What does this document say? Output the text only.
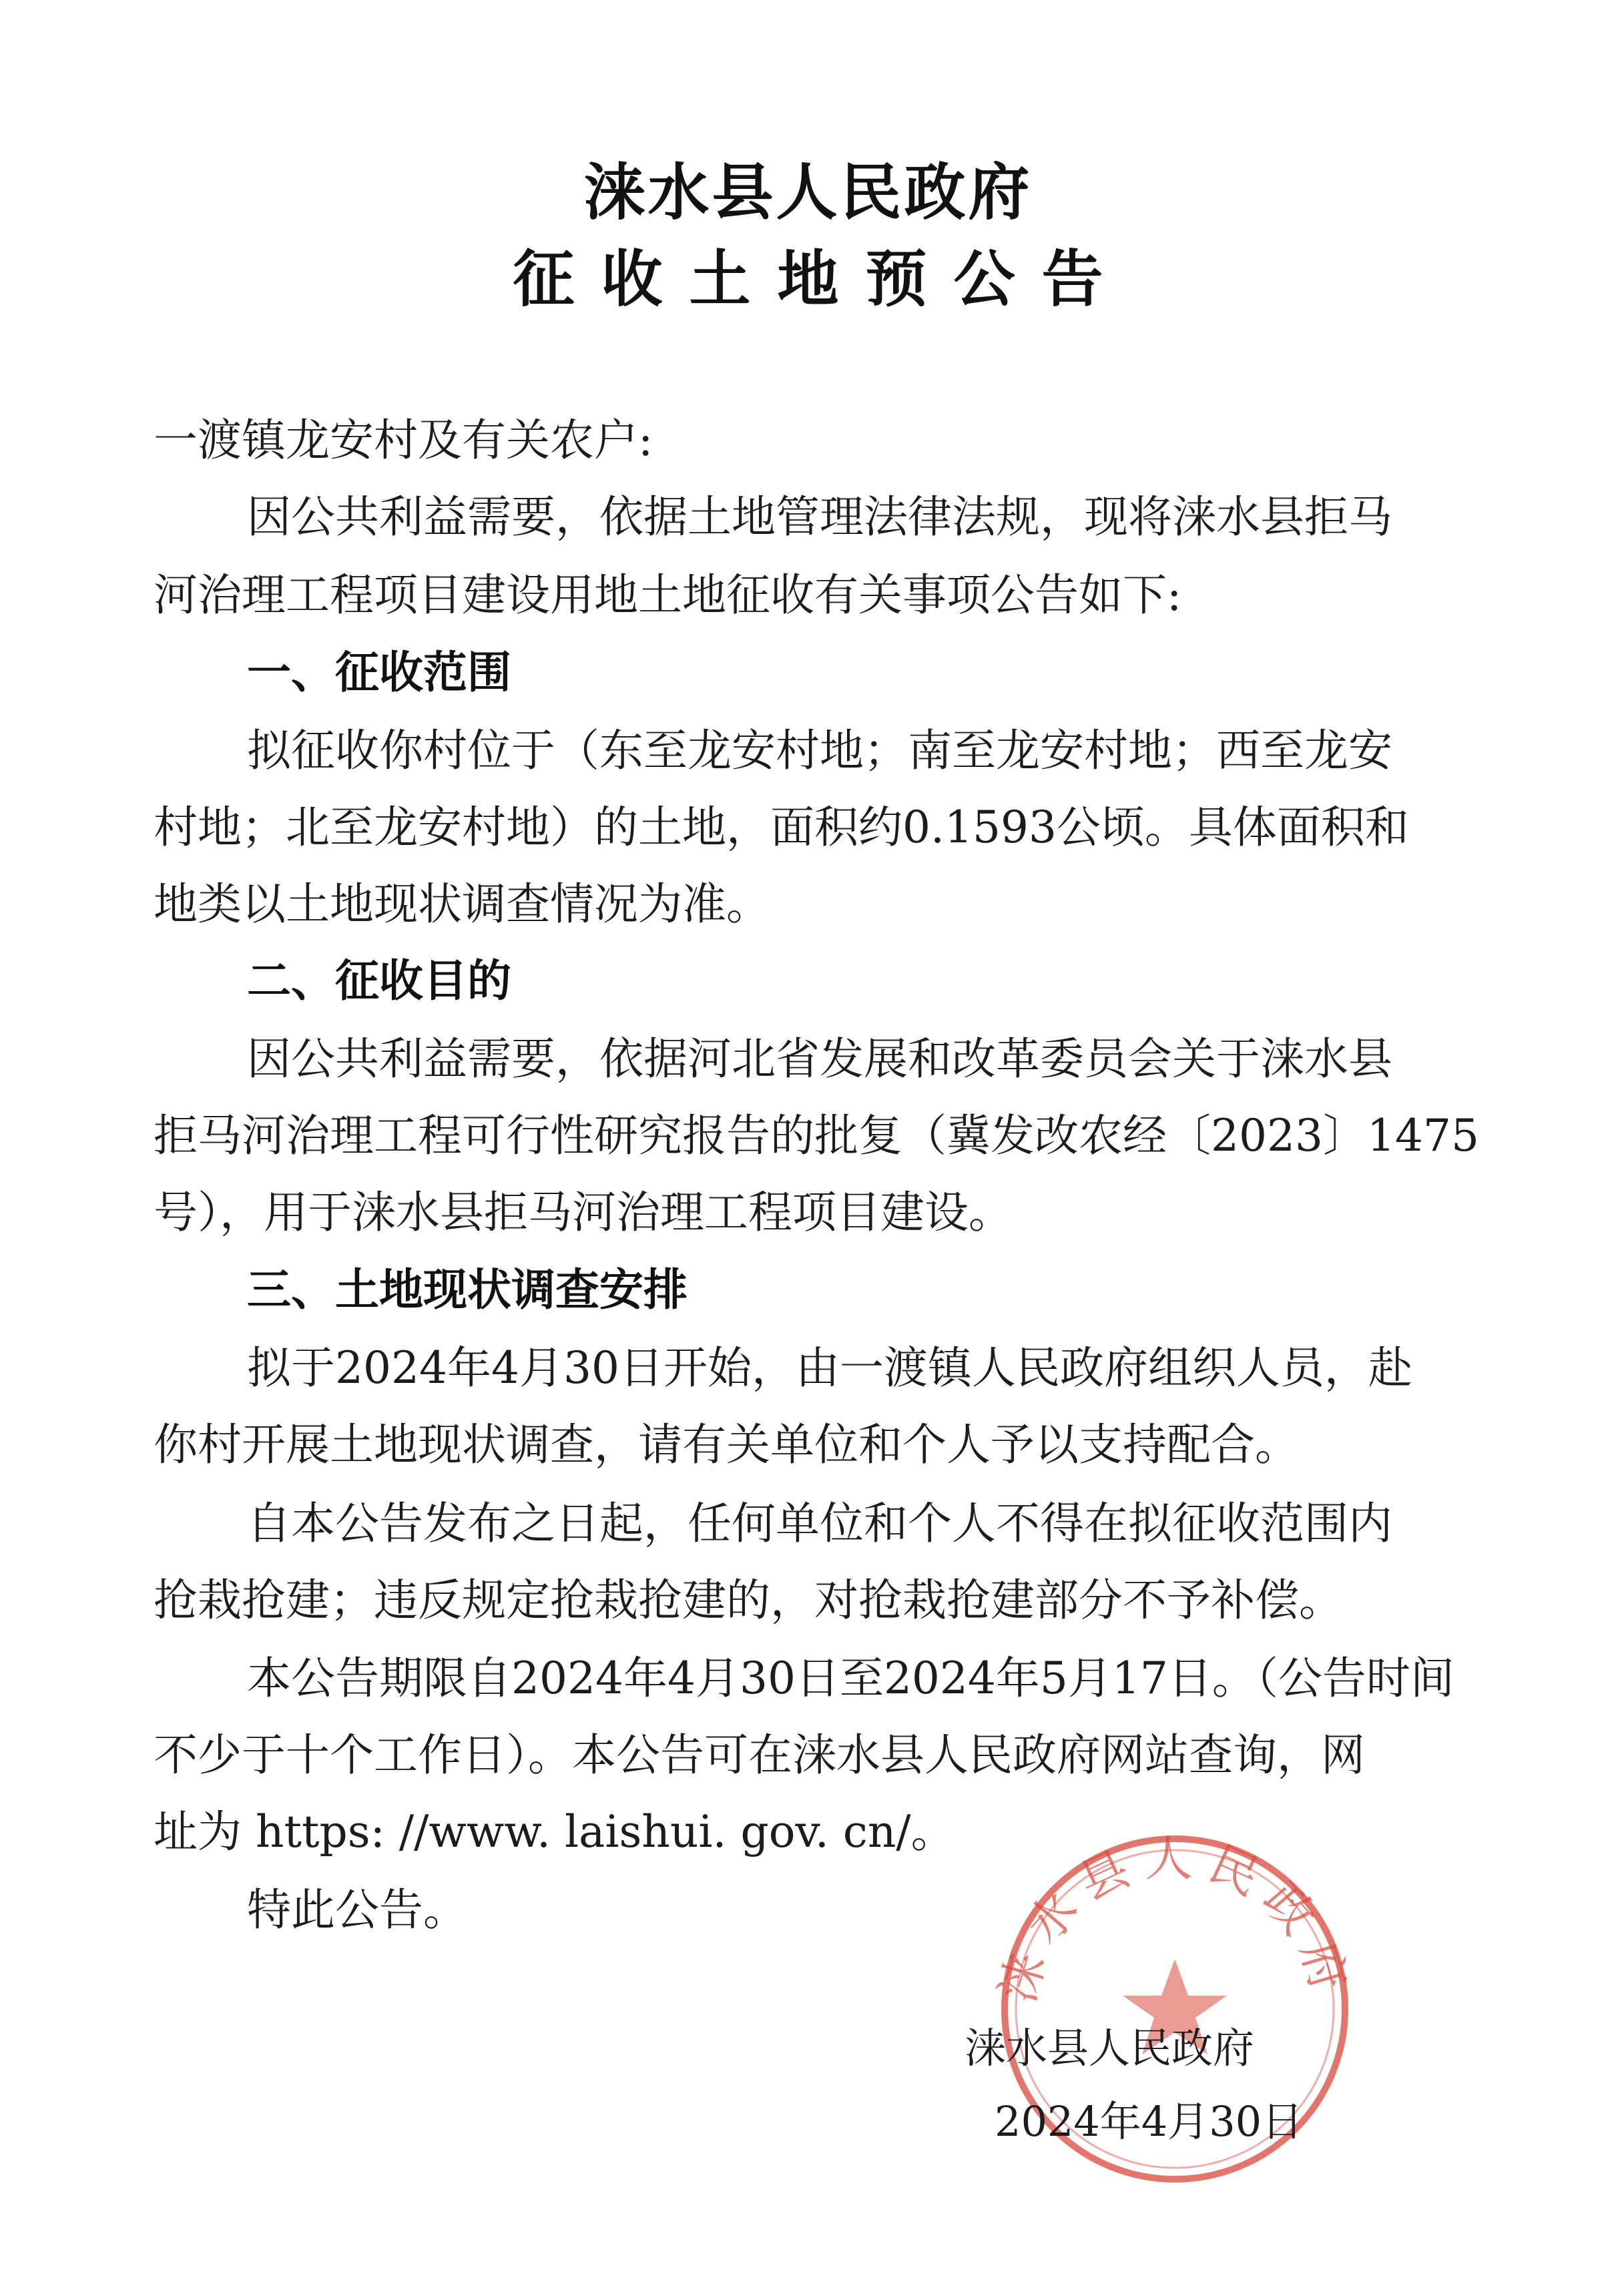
涞水县人民政府
征收土地预公告
一渡镇龙安村及有关农户:
因公共利益需要，依据土地管理法律法规，现将涞水县拒马
河治理工程项目建设用地土地征收有关事项公告如下:
一、征收范围
拟征收你村位于（东至龙安村地；南至龙安村地；西至龙安
村地；北至龙安村地）的土地，面积约0.1593公顷。具体面积和
地类以土地现状调查情况为准。
二、征收目的
因公共利益需要，依据河北省发展和改革委员会关于涞水县
拒马河治理工程可行性研究报告的批复（冀发改农经〔2023〕1475
号），用于涞水县拒马河治理工程项目建设。
三、土地现状调查安排
拟于2024年4月30日开始，由一渡镇人民政府组织人员，赴
你村开展土地现状调查，请有关单位和个人予以支持配合。
自本公告发布之日起，任何单位和个人不得在拟征收范围内
抢栽抢建；违反规定抢栽抢建的，对抢栽抢建部分不予补偿。
本公告期限自2024年4月30日至2024年5月17日。（公告时间
不少于十个工作日）。本公告可在涞水县人民政府网站查询，网
址为 https: //www. laishui. gov. cn/。
特此公告。
涞水县人民政府
涞水县人民政府
2024年4月30日
